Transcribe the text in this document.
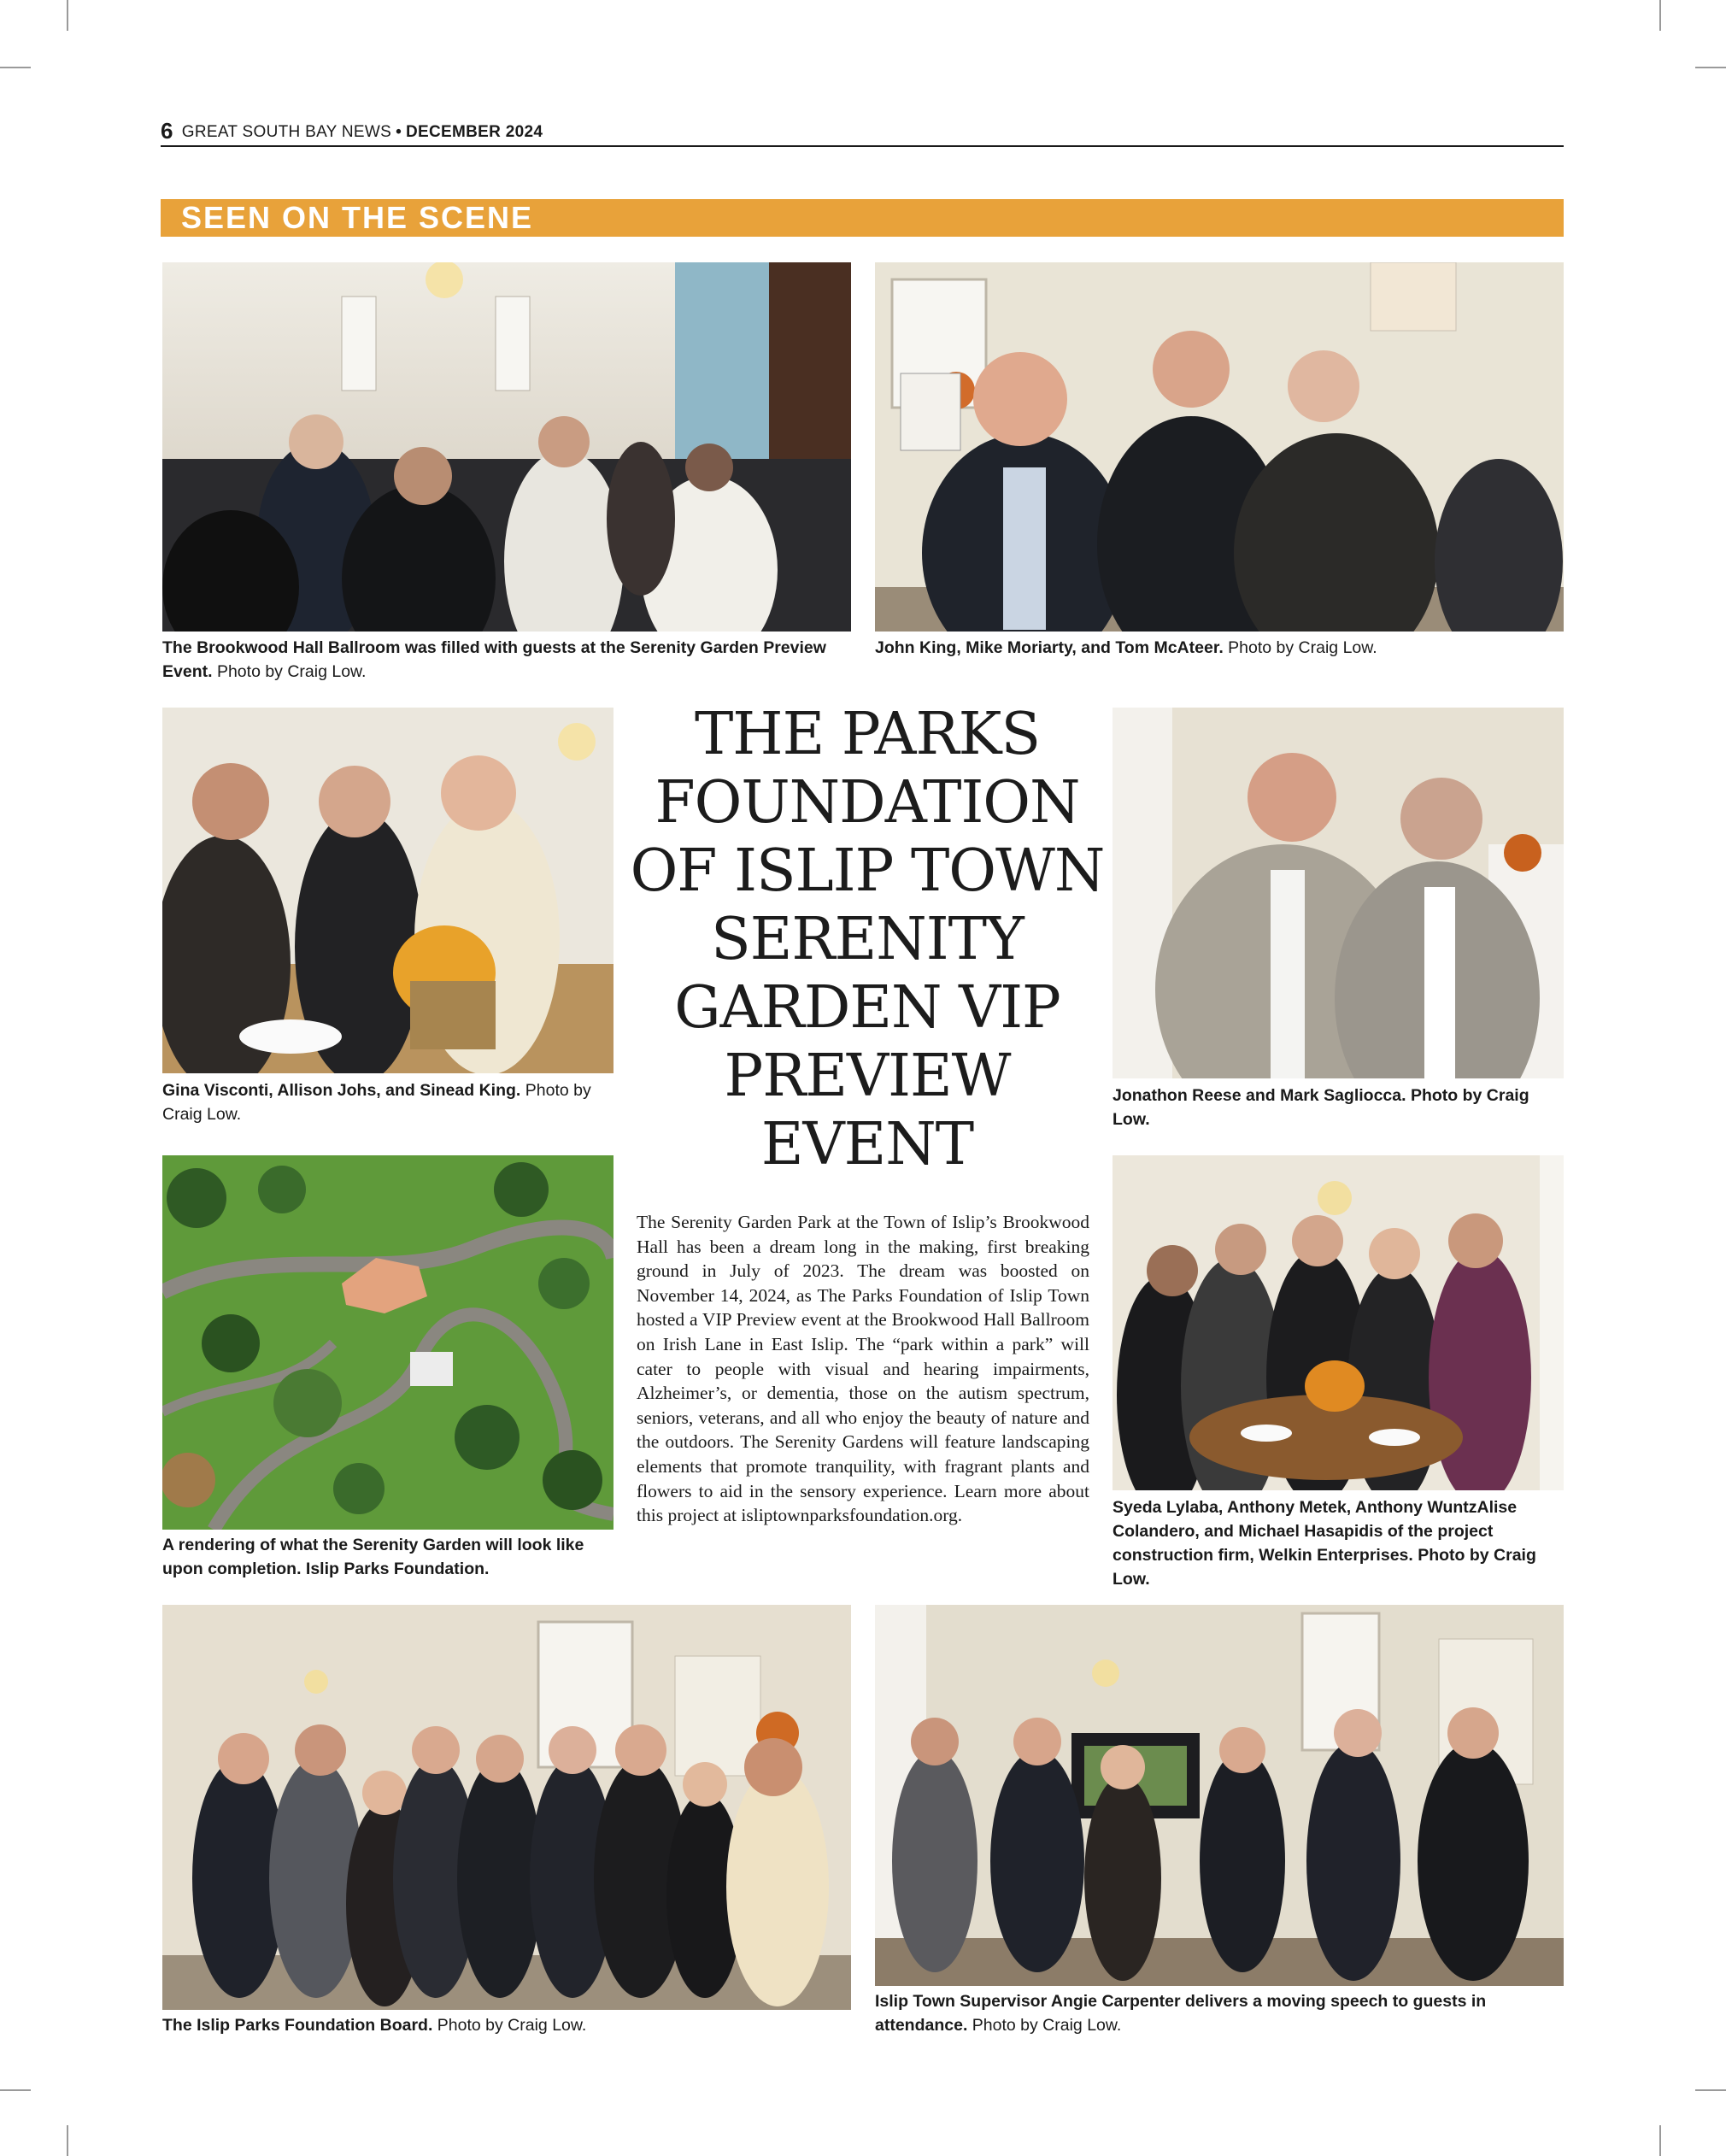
6 GREAT SOUTH BAY NEWS • DECEMBER 2024
SEEN ON THE SCENE
The Brookwood Hall Ballroom was filled with guests at the Serenity Garden Preview Event. Photo by Craig Low.
John King, Mike Moriarty, and Tom McAteer. Photo by Craig Low.
Gina Visconti, Allison Johs, and Sinead King. Photo by Craig Low.
THE PARKS FOUNDATION OF ISLIP TOWN SERENITY GARDEN VIP PREVIEW EVENT
Jonathon Reese and Mark Sagliocca. Photo by Craig Low.
A rendering of what the Serenity Garden will look like upon completion. Islip Parks Foundation.
The Serenity Garden Park at the Town of Islip’s Brookwood Hall has been a dream long in the making, first breaking ground in July of 2023. The dream was boosted on November 14, 2024, as The Parks Foundation of Islip Town hosted a VIP Preview event at the Brookwood Hall Ballroom on Irish Lane in East Islip. The “park within a park” will cater to people with visual and hearing impairments, Alzheimer’s, or dementia, those on the autism spectrum, seniors, veterans, and all who enjoy the beauty of nature and the outdoors. The Serenity Gardens will feature landscaping elements that promote tranquility, with fragrant plants and flowers to aid in the sensory experience. Learn more about this project at isliptownparksfoundation.org.	Syeda Lylaba, Anthony Metek, Anthony WuntzAlise Colandero, and Michael Hasapidis of the project construction firm, Welkin Enterprises. Photo by Craig Low.
The Islip Parks Foundation Board. Photo by Craig Low.
Islip Town Supervisor Angie Carpenter delivers a moving speech to guests in attendance. Photo by Craig Low.
